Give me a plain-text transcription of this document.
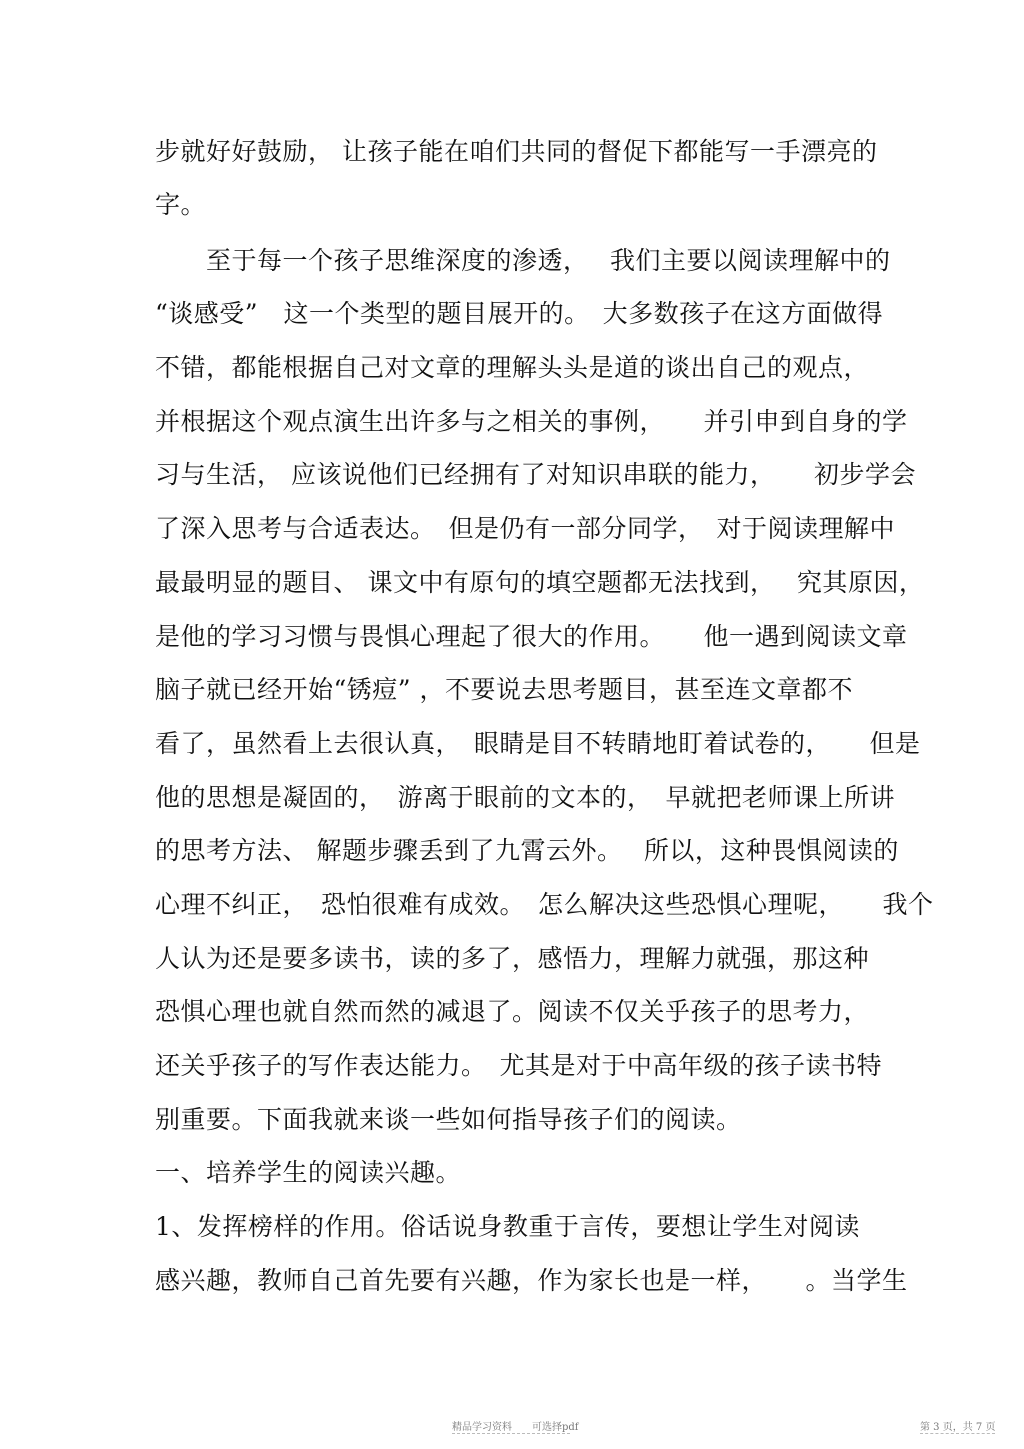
步就好好鼓励， 让孩子能在咱们共同的督促下都能写一手漂亮的
字。
　　至于每一个孩子思维深度的渗透，　 我们主要以阅读理解中的
“谈感受”　这一个类型的题目展开的。　大多数孩子在这方面做得
不错，都能根据自己对文章的理解头头是道的谈出自己的观点，
并根据这个观点演生出许多与之相关的事例，　　并引申到自身的学
习与生活， 应该说他们已经拥有了对知识串联的能力，　　初步学会
了深入思考与合适表达。　但是仍有一部分同学，　对于阅读理解中
最最明显的题目、 课文中有原句的填空题都无法找到，　 究其原因，
是他的学习习惯与畏惧心理起了很大的作用。　　他一遇到阅读文章
脑子就已经开始“锈痘” ，不要说去思考题目，甚至连文章都不
看了，虽然看上去很认真，　眼睛是目不转睛地盯着试卷的，　　但是
他的思想是凝固的，　游离于眼前的文本的，　早就把老师课上所讲
的思考方法、 解题步骤丢到了九霄云外。　 所以，这种畏惧阅读的
心理不纠正，　恐怕很难有成效。　怎么解决这些恐惧心理呢，　　我个
人认为还是要多读书，读的多了，感悟力，理解力就强，那这种
恐惧心理也就自然而然的减退了。阅读不仅关乎孩子的思考力，
还关乎孩子的写作表达能力。　尤其是对于中高年级的孩子读书特
别重要。下面我就来谈一些如何指导孩子们的阅读。
一、培养学生的阅读兴趣。
1、发挥榜样的作用。俗话说身教重于言传，要想让学生对阅读
感兴趣，教师自己首先要有兴趣，作为家长也是一样，　　。当学生
精品学习资料　　可选择pdf	第 3 页，共 7 页
